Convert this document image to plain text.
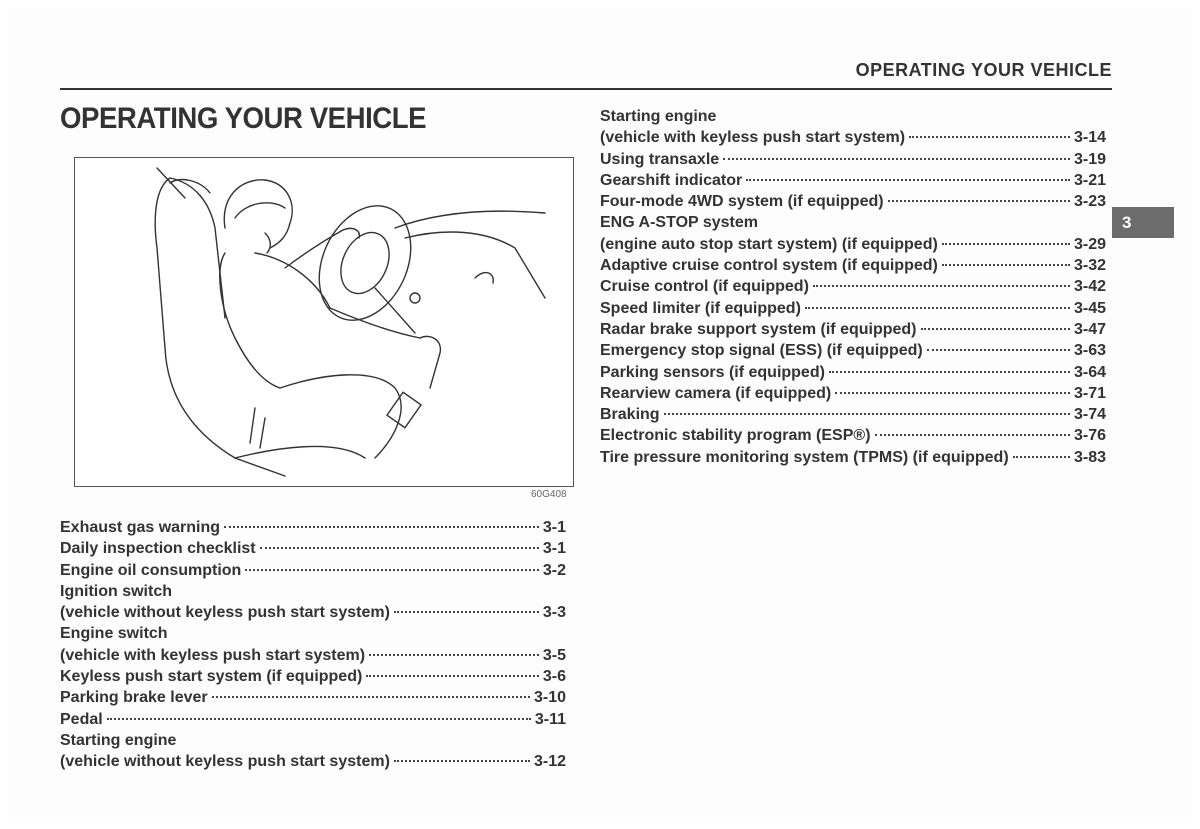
OPERATING YOUR VEHICLE
OPERATING YOUR VEHICLE
60G408
Exhaust gas warning	3-1
Daily inspection checklist	3-1
Engine oil consumption	3-2
Ignition switch
(vehicle without keyless push start system)	3-3
Engine switch
(vehicle with keyless push start system)	3-5
Keyless push start system (if equipped)	3-6
Parking brake lever	3-10
Pedal	3-11
Starting engine
(vehicle without keyless push start system)	3-12
Starting engine
(vehicle with keyless push start system)	3-14
Using transaxle	3-19
Gearshift indicator	3-21
Four-mode 4WD system (if equipped)	3-23
ENG A-STOP system
(engine auto stop start system) (if equipped)	3-29
Adaptive cruise control system (if equipped)	3-32
Cruise control (if equipped)	3-42
Speed limiter (if equipped)	3-45
Radar brake support system (if equipped)	3-47
Emergency stop signal (ESS) (if equipped)	3-63
Parking sensors (if equipped)	3-64
Rearview camera (if equipped)	3-71
Braking	3-74
Electronic stability program (ESP®)	3-76
Tire pressure monitoring system (TPMS) (if equipped)	3-83
3
